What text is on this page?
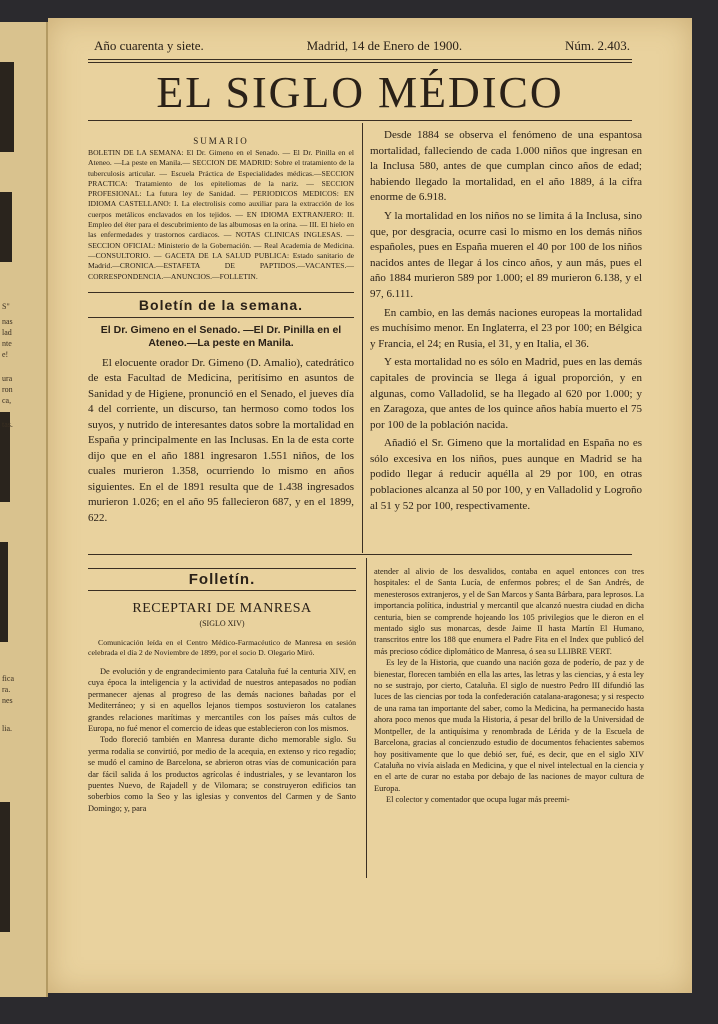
S"
nas
lad
nte
e!
ura
ron
ca,
tas.
fica
ra.
nes
lia.
Año cuarenta y siete.	Madrid, 14 de Enero de 1900.	Núm. 2.403.
EL SIGLO MÉDICO
SUMARIO
BOLETIN DE LA SEMANA: El Dr. Gimeno en el Senado. — El Dr. Pinilla en el Ateneo. —La peste en Manila.— SECCION DE MADRID: Sobre el tratamiento de la tuberculosis articular. — Escuela Práctica de Especialidades médicas.—SECCION PRACTICA: Tratamiento de los epiteliomas de la nariz. — SECCION PROFESIONAL: La futura ley de Sanidad. — PERIODICOS MEDICOS: EN IDIOMA CASTELLANO: I. La electrolisis como auxiliar para la extracción de los cuerpos metálicos enclavados en los tejidos. — EN IDIOMA EXTRANJERO: II. Empleo del éter para el descubrimiento de las albumosas en la orina. — III. El hielo en las enfermedades y trastornos cardiacos. — NOTAS CLINICAS INGLESAS. — SECCION OFICIAL: Ministerio de la Gobernación. — Real Academia de Medicina.—CONSULTORIO. — GACETA DE LA SALUD PUBLICA: Estado sanitario de Madrid.—CRONICA.—ESTAFETA DE PAPTIDOS.—VACANTES.—CORRESPONDENCIA.—ANUNCIOS.—FOLLETIN.
Boletín de la semana.
El Dr. Gimeno en el Senado. —El Dr. Pinilla en el Ateneo.—La peste en Manila.

El elocuente orador Dr. Gimeno (D. Amalio), catedrático de esta Facultad de Medicina, peritísimo en asuntos de Sanidad y de Higiene, pronunció en el Senado, el jueves día 4 del corriente, un discurso, tan hermoso como todos los suyos, y nutrido de interesantes datos sobre la mortalidad en España y principalmente en las Inclusas. En la de esta corte dijo que en el año 1881 ingresaron 1.551 niños, de los cuales murieron 1.358, ocurriendo lo mismo en años siguientes. En el de 1891 resulta que de 1.438 ingresados murieron 1.026; en el año 95 fallecieron 687, y en el 1899, 622.

Desde 1884 se observa el fenómeno de una espantosa mortalidad, falleciendo de cada 1.000 niños que ingresan en la Inclusa 580, antes de que cumplan cinco años de edad; habiendo llegado la mortalidad, en el año 1889, á la cifra enorme de 6.918.

Y la mortalidad en los niños no se limita á la Inclusa, sino que, por desgracia, ocurre casi lo mismo en los demás niños españoles, pues en España mueren el 40 por 100 de los niños nacidos antes de llegar á los cinco años, y aun más, pues el año 1884 murieron 589 por 1.000; el 89 murieron 6.138, y el 97, 6.111.

En cambio, en las demás naciones europeas la mortalidad es muchísimo menor. En Inglaterra, el 23 por 100; en Bélgica y Francia, el 24; en Rusia, el 31, y en Italia, el 36.

Y esta mortalidad no es sólo en Madrid, pues en las demás capitales de provincia se llega á igual proporción, y en algunas, como Valladolid, se ha llegado al 620 por 1.000; y en Zaragoza, que antes de los quince años había muerto el 75 por 100 de la población nacida.

Añadió el Sr. Gimeno que la mortalidad en España no es sólo excesiva en los niños, pues aunque en Madrid se ha podido llegar á reducir aquélla al 29 por 100, en otras poblaciones alcanza al 50 por 100, y en Valladolid y Logroño al 51 y 52 por 100, respectivamente.

Folletín.
RECEPTARI DE MANRESA
(SIGLO XIV)
Comunicación leída en el Centro Médico-Farmacéutico de Manresa en sesión celebrada el día 2 de Noviembre de 1899, por el socio D. Olegario Miró.

De evolución y de engrandecimiento para Cataluña fué la centuria XIV, en cuya época la inteligencia y la actividad de nuestros antepasados no podían permanecer ajenas al progreso de las demás naciones bañadas por el Mediterráneo; y si en aquellos lejanos tiempos sostuvieron los catalanes grandes relaciones marítimas y mercantiles con los países más cultos de Europa, no fué menor el comercio de ideas que establecieron con los mismos.

Todo floreció también en Manresa durante dicho memorable siglo. Su yerma rodalia se convirtió, por medio de la acequia, en extenso y rico regadío; se mudó el camino de Barcelona, se abrieron otras vías de comunicación para dar fácil salida á los productos agrícolas é industriales, y se levantaron los puentes Nuevo, de Rajadell y de Vilomara; se construyeron edificios tan soberbios como la Seo y las iglesias y conventos del Carmen y de Santo Domingo; y, para

atender al alivio de los desvalidos, contaba en aquel entonces con tres hospitales: el de Santa Lucía, de enfermos pobres; el de San Andrés, de menesterosos extranjeros, y el de San Marcos y Santa Bárbara, para leprosos. La importancia política, industrial y mercantil que alcanzó nuestra ciudad en dicha centuria, bien se comprende hojeando los 105 privilegios que le dieron en el mentado siglo sus monarcas, desde Jaime II hasta Martín El Humano, transcritos entre los 188 que enumera el Padre Fita en el Index que publicó del más precioso códice diplomático de Manresa, ó sea su LLIBRE VERT.

Es ley de la Historia, que cuando una nación goza de poderío, de paz y de bienestar, florecen también en ella las artes, las letras y las ciencias, y á esta ley no se sustrajo, por cierto, Cataluña. El siglo de nuestro Pedro III difundió las luces de las ciencias por toda la confederación catalana-aragonesa; y si respecto de una rama tan importante del saber, como la Medicina, ha permanecido hasta ahora poco menos que muda la Historia, á pesar del brillo de la Universidad de Montpeller, de la antiquísima y renombrada de Lérida y de la Escuela de Barcelona, gracias al concienzudo estudio de documentos fehacientes sabemos hoy positivamente que lo que debió ser, fué, es decir, que en el siglo XIV Cataluña no vivía aislada en Medicina, y que el nivel intelectual en la ciencia y en el arte de curar no estaba por debajo de las naciones de mayor cultura de Europa.

El colector y comentador que ocupa lugar más preemi-
